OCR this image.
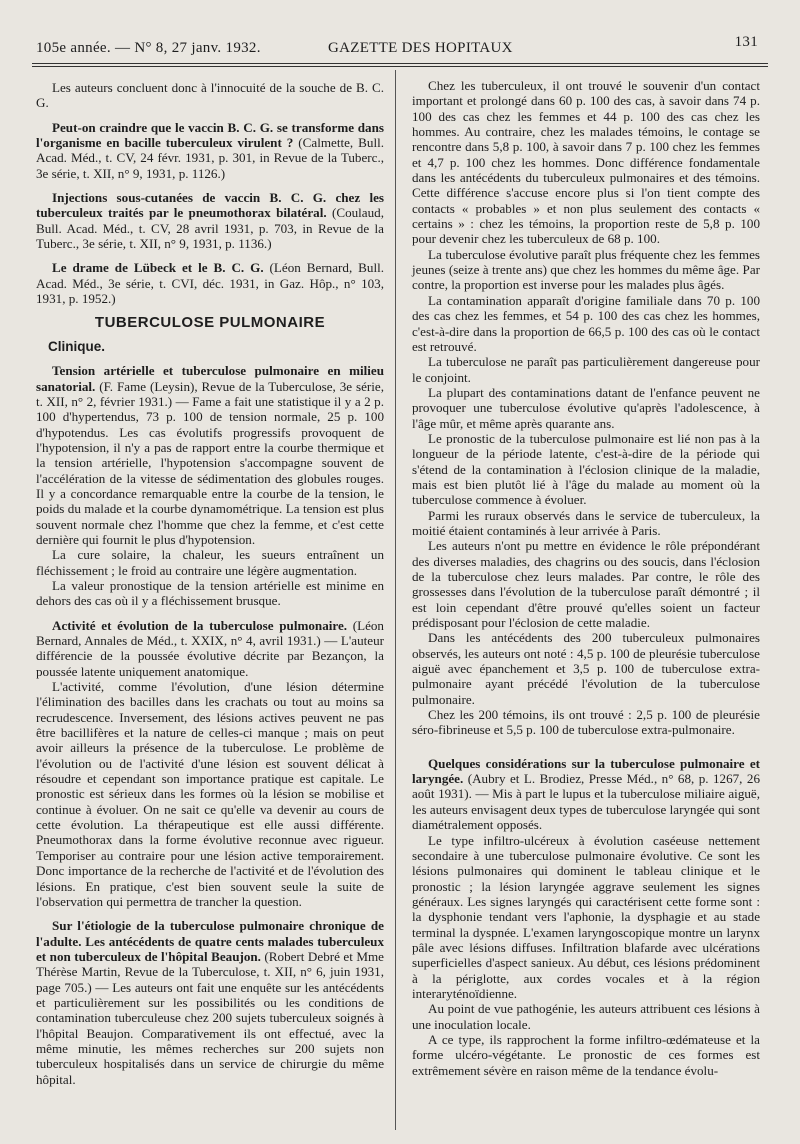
105e année. — N° 8, 27 janv. 1932.	GAZETTE DES HOPITAUX	131

Les auteurs concluent donc à l'innocuité de la souche de B. C. G.

Peut-on craindre que le vaccin B. C. G. se transforme dans l'organisme en bacille tuberculeux virulent ? (Calmette, Bull. Acad. Méd., t. CV, 24 févr. 1931, p. 301, in Revue de la Tuberc., 3e série, t. XII, n° 9, 1931, p. 1126.)

Injections sous-cutanées de vaccin B. C. G. chez les tuberculeux traités par le pneumothorax bilatéral. (Coulaud, Bull. Acad. Méd., t. CV, 28 avril 1931, p. 703, in Revue de la Tuberc., 3e série, t. XII, n° 9, 1931, p. 1136.)

Le drame de Lübeck et le B. C. G. (Léon Bernard, Bull. Acad. Méd., 3e série, t. CVI, déc. 1931, in Gaz. Hôp., n° 103, 1931, p. 1952.)

TUBERCULOSE PULMONAIRE
Clinique.

Tension artérielle et tuberculose pulmonaire en milieu sanatorial. (F. Fame (Leysin), Revue de la Tuberculose, 3e série, t. XII, n° 2, février 1931.) — Fame a fait une statistique il y a 2 p. 100 d'hypertendus, 73 p. 100 de tension normale, 25 p. 100 d'hypotendus. Les cas évolutifs progressifs provoquent de l'hypotension, il n'y a pas de rapport entre la courbe thermique et la tension artérielle, l'hypotension s'accompagne souvent de l'accélération de la vitesse de sédimentation des globules rouges. Il y a concordance remarquable entre la courbe de la tension, le poids du malade et la courbe dynamométrique. La tension est plus souvent normale chez l'homme que chez la femme, et c'est cette dernière qui fournit le plus d'hypotension.

La cure solaire, la chaleur, les sueurs entraînent un fléchissement ; le froid au contraire une légère augmentation.

La valeur pronostique de la tension artérielle est minime en dehors des cas où il y a fléchissement brusque.

Activité et évolution de la tuberculose pulmonaire. (Léon Bernard, Annales de Méd., t. XXIX, n° 4, avril 1931.) — L'auteur différencie de la poussée évolutive décrite par Bezançon, la poussée latente uniquement anatomique.

L'activité, comme l'évolution, d'une lésion détermine l'élimination des bacilles dans les crachats ou tout au moins sa recrudescence. Inversement, des lésions actives peuvent ne pas être bacillifères et la nature de celles-ci manque ; mais on peut avoir ailleurs la présence de la tuberculose. Le problème de l'évolution ou de l'activité d'une lésion est souvent délicat à résoudre et cependant son importance pratique est capitale. Le pronostic est sérieux dans les formes où la lésion se mobilise et continue à évoluer. On ne sait ce qu'elle va devenir au cours de cette évolution. La thérapeutique est elle aussi différente. Pneumothorax dans la forme évolutive reconnue avec rigueur. Temporiser au contraire pour une lésion active temporairement. Donc importance de la recherche de l'activité et de l'évolution des lésions. En pratique, c'est bien souvent seule la suite de l'observation qui permettra de trancher la question.

Sur l'étiologie de la tuberculose pulmonaire chronique de l'adulte. Les antécédents de quatre cents malades tuberculeux et non tuberculeux de l'hôpital Beaujon. (Robert Debré et Mme Thérèse Martin, Revue de la Tuberculose, t. XII, n° 6, juin 1931, page 705.) — Les auteurs ont fait une enquête sur les antécédents et particulièrement sur les possibilités ou les conditions de contamination tuberculeuse chez 200 sujets tuberculeux soignés à l'hôpital Beaujon. Comparativement ils ont effectué, avec la même minutie, les mêmes recherches sur 200 sujets non tuberculeux hospitalisés dans un service de chirurgie du même hôpital.

Chez les tuberculeux, il ont trouvé le souvenir d'un contact important et prolongé dans 60 p. 100 des cas, à savoir dans 74 p. 100 des cas chez les femmes et 44 p. 100 des cas chez les hommes. Au contraire, chez les malades témoins, le contage se rencontre dans 5,8 p. 100, à savoir dans 7 p. 100 chez les femmes et 4,7 p. 100 chez les hommes. Donc différence fondamentale dans les antécédents du tuberculeux pulmonaires et des témoins. Cette différence s'accuse encore plus si l'on tient compte des contacts « probables » et non plus seulement des contacts « certains » : chez les témoins, la proportion reste de 5,8 p. 100 pour devenir chez les tuberculeux de 68 p. 100.

La tuberculose évolutive paraît plus fréquente chez les femmes jeunes (seize à trente ans) que chez les hommes du même âge. Par contre, la proportion est inverse pour les malades plus âgés.

La contamination apparaît d'origine familiale dans 70 p. 100 des cas chez les femmes, et 54 p. 100 des cas chez les hommes, c'est-à-dire dans la proportion de 66,5 p. 100 des cas où le contact est retrouvé.

La tuberculose ne paraît pas particulièrement dangereuse pour le conjoint.

La plupart des contaminations datant de l'enfance peuvent ne provoquer une tuberculose évolutive qu'après l'adolescence, à l'âge mûr, et même après quarante ans.

Le pronostic de la tuberculose pulmonaire est lié non pas à la longueur de la période latente, c'est-à-dire de la période qui s'étend de la contamination à l'éclosion clinique de la maladie, mais est bien plutôt lié à l'âge du malade au moment où la tuberculose commence à évoluer.

Parmi les ruraux observés dans le service de tuberculeux, la moitié étaient contaminés à leur arrivée à Paris.

Les auteurs n'ont pu mettre en évidence le rôle prépondérant des diverses maladies, des chagrins ou des soucis, dans l'éclosion de la tuberculose chez leurs malades. Par contre, le rôle des grossesses dans l'évolution de la tuberculose paraît démontré ; il est loin cependant d'être prouvé qu'elles soient un facteur prédisposant pour l'éclosion de cette maladie.

Dans les antécédents des 200 tuberculeux pulmonaires observés, les auteurs ont noté : 4,5 p. 100 de pleurésie tuberculose aiguë avec épanchement et 3,5 p. 100 de tuberculose extra-pulmonaire ayant précédé l'évolution de la tuberculose pulmonaire.

Chez les 200 témoins, ils ont trouvé : 2,5 p. 100 de pleurésie séro-fibrineuse et 5,5 p. 100 de tuberculose extra-pulmonaire.

Quelques considérations sur la tuberculose pulmonaire et laryngée. (Aubry et L. Brodiez, Presse Méd., n° 68, p. 1267, 26 août 1931). — Mis à part le lupus et la tuberculose miliaire aiguë, les auteurs envisagent deux types de tuberculose laryngée qui sont diamétralement opposés.

Le type infiltro-ulcéreux à évolution caséeuse nettement secondaire à une tuberculose pulmonaire évolutive. Ce sont les lésions pulmonaires qui dominent le tableau clinique et le pronostic ; la lésion laryngée aggrave seulement les signes généraux. Les signes laryngés qui caractérisent cette forme sont : la dysphonie tendant vers l'aphonie, la dysphagie et au stade terminal la dyspnée. L'examen laryngoscopique montre un larynx pâle avec lésions diffuses. Infiltration blafarde avec ulcérations superficielles d'aspect sanieux. Au début, ces lésions prédominent à la périglotte, aux cordes vocales et à la région interaryténoïdienne.

Au point de vue pathogénie, les auteurs attribuent ces lésions à une inoculation locale.

A ce type, ils rapprochent la forme infiltro-œdémateuse et la forme ulcéro-végétante. Le pronostic de ces formes est extrêmement sévère en raison même de la tendance évolu-
